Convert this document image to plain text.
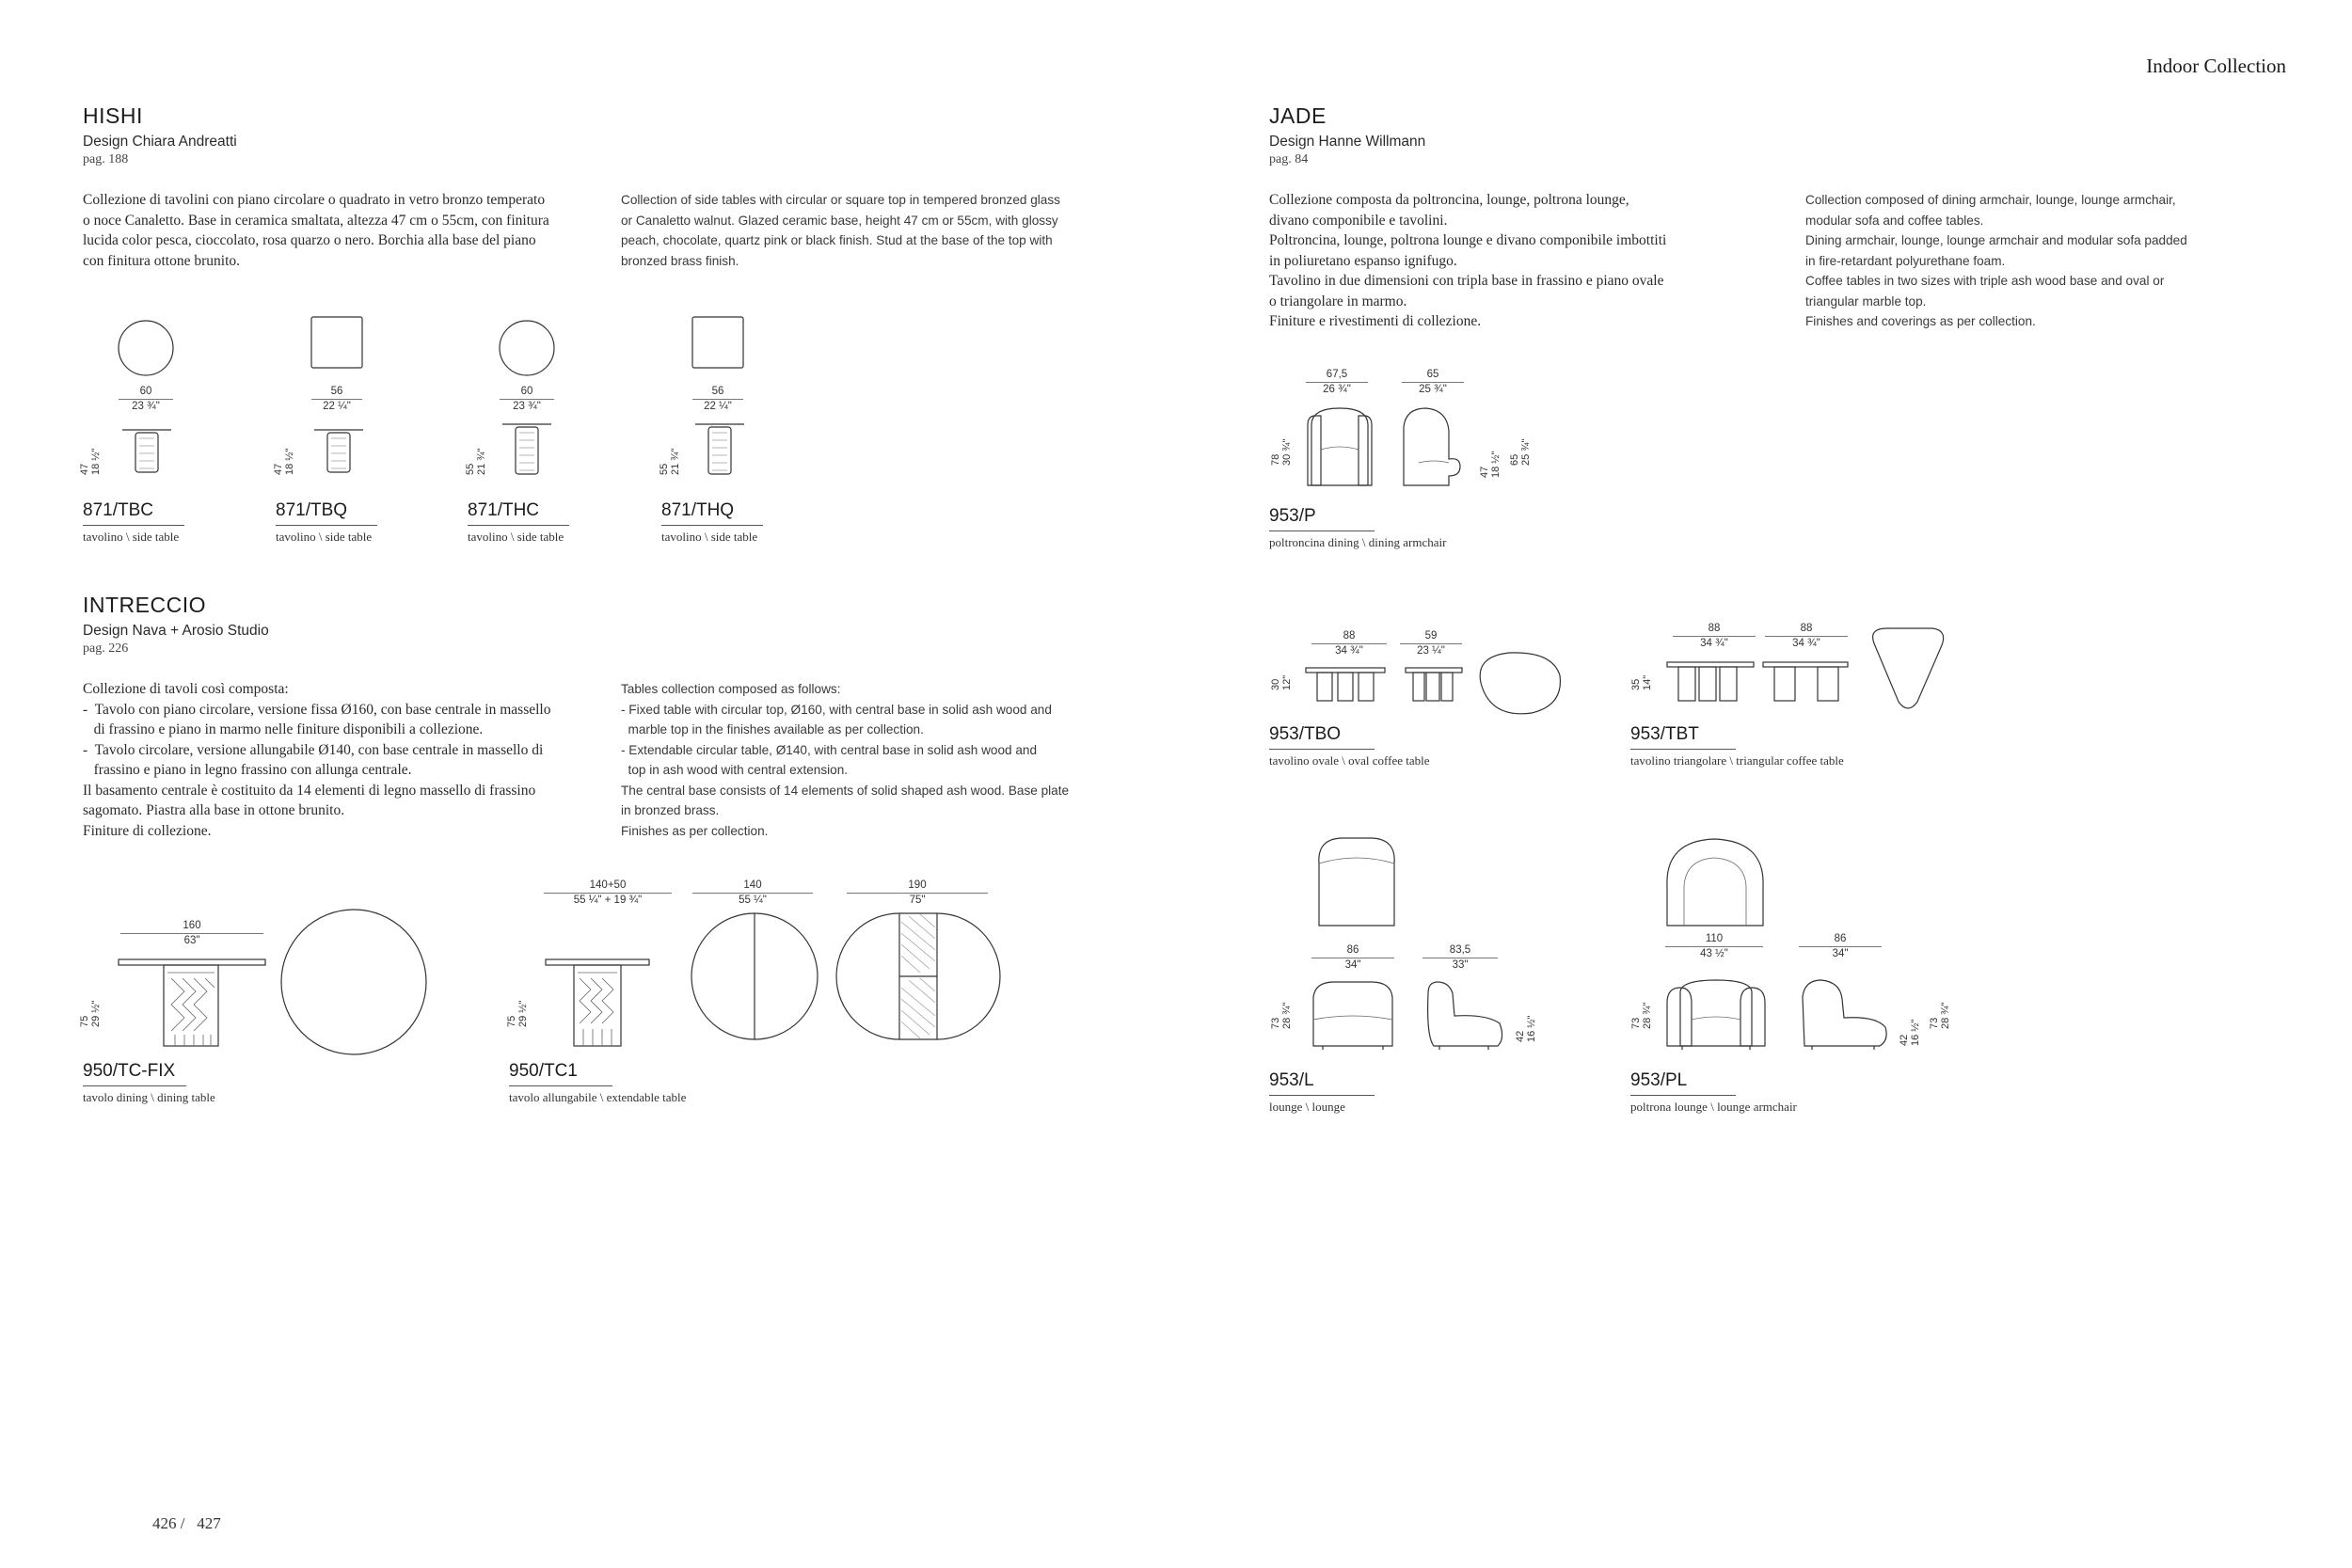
Indoor Collection
426 /   427
HISHI
Design Chiara Andreatti
pag. 188
Collezione di tavolini con piano circolare o quadrato in vetro bronzo temperato
o noce Canaletto. Base in ceramica smaltata, altezza 47 cm o 55cm, con finitura
lucida color pesca, cioccolato, rosa quarzo o nero. Borchia alla base del piano
con finitura ottone brunito.
Collection of side tables with circular or square top in tempered bronzed glass
or Canaletto walnut. Glazed ceramic base, height 47 cm or 55cm, with glossy
peach, chocolate, quartz pink or black finish. Stud at the base of the top with
bronzed brass finish.
60
23 ¾"
47
18 ½"
871/TBC
tavolino \ side table
56
22 ¼"
47
18 ½"
871/TBQ
tavolino \ side table
60
23 ¾"
55
21 ¾"
871/THC
tavolino \ side table
56
22 ¼"
55
21 ¾"
871/THQ
tavolino \ side table
INTRECCIO
Design Nava + Arosio Studio
pag. 226
Collezione di tavoli così composta:
-  Tavolo con piano circolare, versione fissa Ø160, con base centrale in massello
di frassino e piano in marmo nelle finiture disponibili a collezione.
-  Tavolo circolare, versione allungabile Ø140, con base centrale in massello di
frassino e piano in legno frassino con allunga centrale.
Il basamento centrale è costituito da 14 elementi di legno massello di frassino
sagomato. Piastra alla base in ottone brunito.
Finiture di collezione.
Tables collection composed as follows:
- Fixed table with circular top, Ø160, with central base in solid ash wood and
marble top in the finishes available as per collection.
- Extendable circular table, Ø140, with central base in solid ash wood and
top in ash wood with central extension.
The central base consists of 14 elements of solid shaped ash wood. Base plate
in bronzed brass.
Finishes as per collection.
160
63"
75
29 ½"
950/TC-FIX
tavolo dining \ dining table
140+50
55 ¼" + 19 ¾"
140
55 ¼"
190
75"
75
29 ½"
950/TC1
tavolo allungabile \ extendable table
JADE
Design Hanne Willmann
pag. 84
Collezione composta da poltroncina, lounge, poltrona lounge,
divano componibile e tavolini.
Poltroncina, lounge, poltrona lounge e divano componibile imbottiti
in poliuretano espanso ignifugo.
Tavolino in due dimensioni con tripla base in frassino e piano ovale
o triangolare in marmo.
Finiture e rivestimenti di collezione.
Collection composed of dining armchair, lounge, lounge armchair,
modular sofa and coffee tables.
Dining armchair, lounge, lounge armchair and modular sofa padded
in fire-retardant polyurethane foam.
Coffee tables in two sizes with triple ash wood base and oval or
triangular marble top.
Finishes and coverings as per collection.
67,5
26 ¾"
65
25 ¾"
78
30 ¾"
47
18 ½" 65
25 ¾"
953/P
poltroncina dining \ dining armchair
88
34 ¾"
59
23 ¼"
30
12"
953/TBO
tavolino ovale \ oval coffee table
88
34 ¾"
88
34 ¾"
35
14"
953/TBT
tavolino triangolare \ triangular coffee table
86
34"
83,5
33"
73
28 ¾"
42
16 ½"
953/L
lounge \ lounge
110
43 ½"
86
34"
73
28 ¾"
42
16 ½" 73
28 ¾"
953/PL
poltrona lounge \ lounge armchair
